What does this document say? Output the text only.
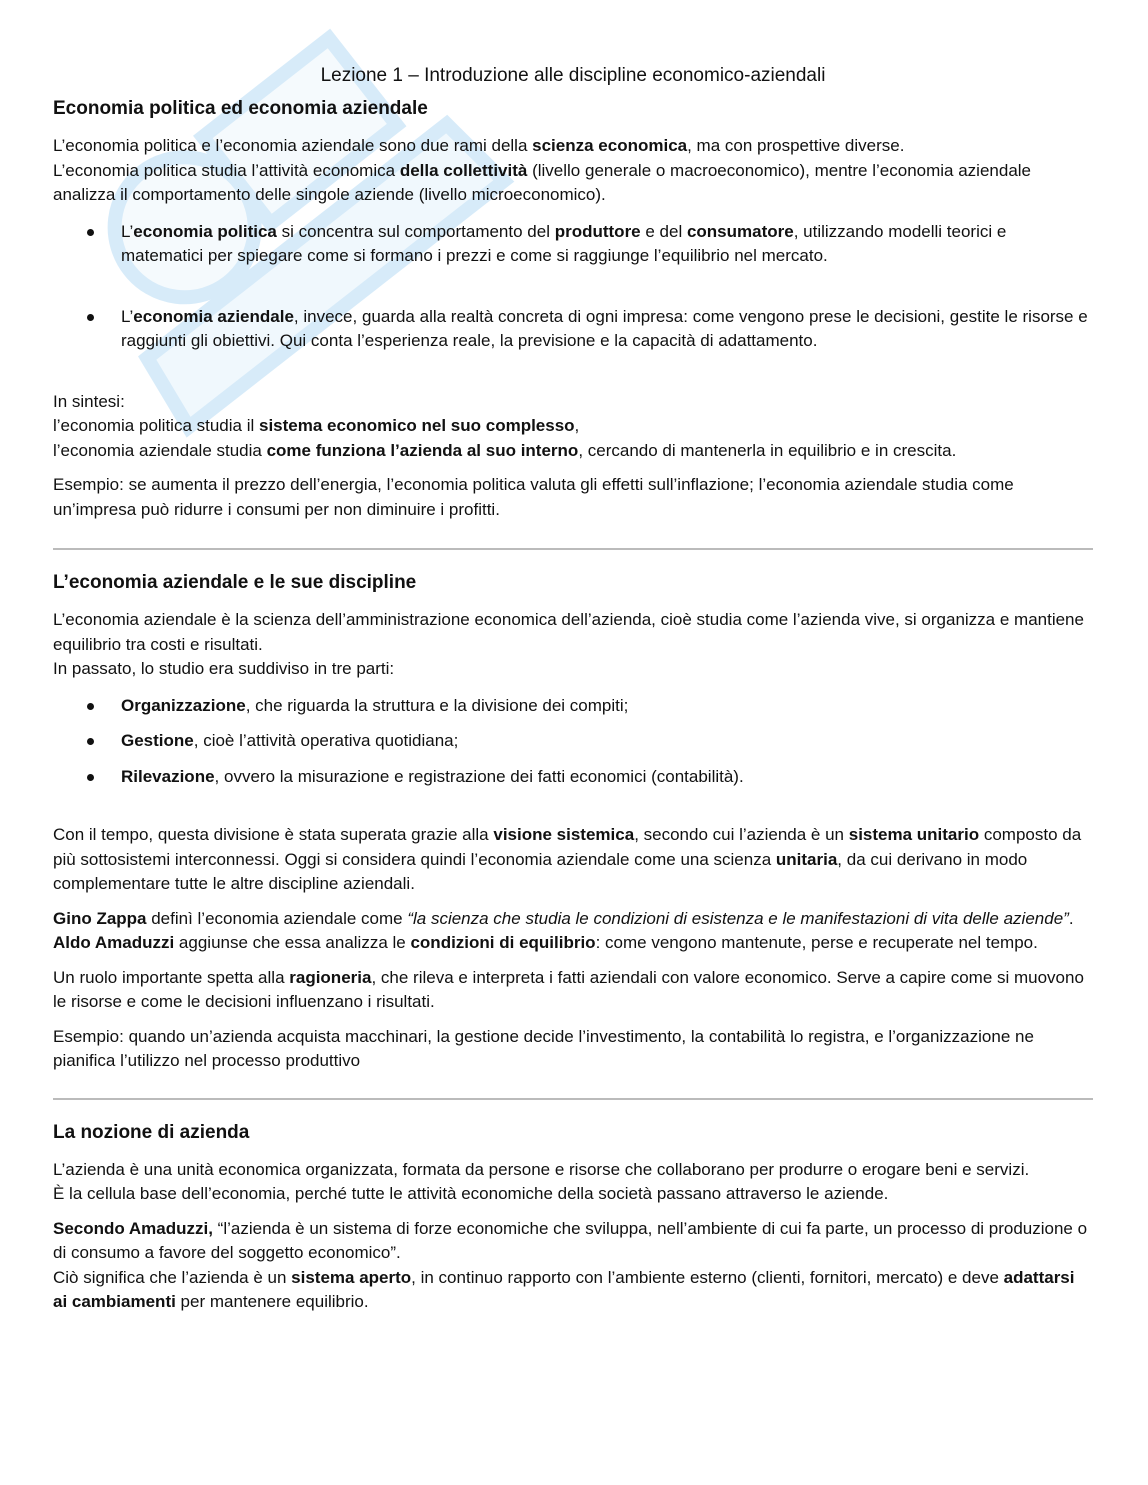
Lezione 1 – Introduzione alle discipline economico-aziendali
Economia politica ed economia aziendale

L’economia politica e l’economia aziendale sono due rami della scienza economica, ma con prospettive diverse.
L’economia politica studia l’attività economica della collettività (livello generale o macroeconomico), mentre l’economia aziendale analizza il comportamento delle singole aziende (livello microeconomico).

L’economia politica si concentra sul comportamento del produttore e del consumatore, utilizzando modelli teorici e matematici per spiegare come si formano i prezzi e come si raggiunge l’equilibrio nel mercato.
L’economia aziendale, invece, guarda alla realtà concreta di ogni impresa: come vengono prese le decisioni, gestite le risorse e raggiunti gli obiettivi. Qui conta l’esperienza reale, la previsione e la capacità di adattamento.

In sintesi:
l’economia politica studia il sistema economico nel suo complesso,
l’economia aziendale studia come funziona l’azienda al suo interno, cercando di mantenerla in equilibrio e in crescita.

Esempio: se aumenta il prezzo dell’energia, l’economia politica valuta gli effetti sull’inflazione; l’economia aziendale studia come un’impresa può ridurre i consumi per non diminuire i profitti.

L’economia aziendale e le sue discipline

L’economia aziendale è la scienza dell’amministrazione economica dell’azienda, cioè studia come l’azienda vive, si organizza e mantiene equilibrio tra costi e risultati.
In passato, lo studio era suddiviso in tre parti:

Organizzazione, che riguarda la struttura e la divisione dei compiti;
Gestione, cioè l’attività operativa quotidiana;
Rilevazione, ovvero la misurazione e registrazione dei fatti economici (contabilità).

Con il tempo, questa divisione è stata superata grazie alla visione sistemica, secondo cui l’azienda è un sistema unitario composto da più sottosistemi interconnessi. Oggi si considera quindi l’economia aziendale come una scienza unitaria, da cui derivano in modo complementare tutte le altre discipline aziendali.

Gino Zappa definì l’economia aziendale come “la scienza che studia le condizioni di esistenza e le manifestazioni di vita delle aziende”.
Aldo Amaduzzi aggiunse che essa analizza le condizioni di equilibrio: come vengono mantenute, perse e recuperate nel tempo.

Un ruolo importante spetta alla ragioneria, che rileva e interpreta i fatti aziendali con valore economico. Serve a capire come si muovono le risorse e come le decisioni influenzano i risultati.

Esempio: quando un’azienda acquista macchinari, la gestione decide l’investimento, la contabilità lo registra, e l’organizzazione ne pianifica l’utilizzo nel processo produttivo

La nozione di azienda

L’azienda è una unità economica organizzata, formata da persone e risorse che collaborano per produrre o erogare beni e servizi.
È la cellula base dell’economia, perché tutte le attività economiche della società passano attraverso le aziende.

Secondo Amaduzzi, “l’azienda è un sistema di forze economiche che sviluppa, nell’ambiente di cui fa parte, un processo di produzione o di consumo a favore del soggetto economico”.
Ciò significa che l’azienda è un sistema aperto, in continuo rapporto con l’ambiente esterno (clienti, fornitori, mercato) e deve adattarsi ai cambiamenti per mantenere equilibrio.
